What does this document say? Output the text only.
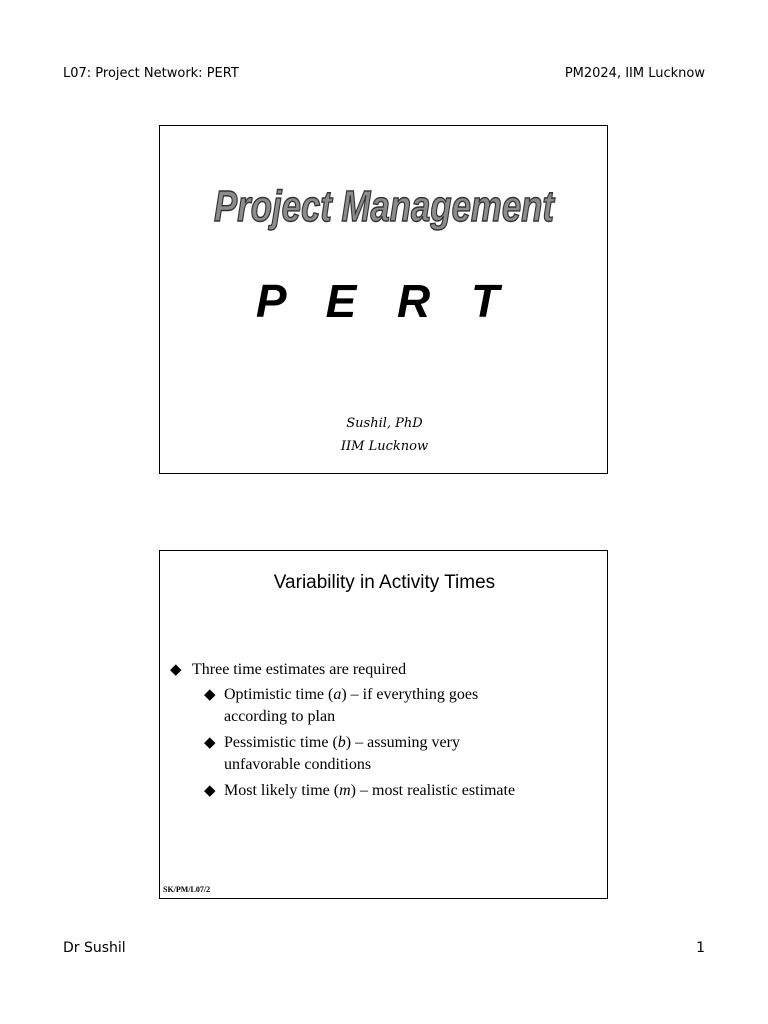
L07: Project Network: PERT	PM2024, IIM Lucknow
Project Management
P E R T
Sushil, PhD
IIM Lucknow
Variability in Activity Times
◆ Three time estimates are required
◆ Optimistic time (a) – if everything goes
according to plan
◆ Pessimistic time (b) – assuming very
unfavorable conditions
◆ Most likely time (m) – most realistic estimate
SK/PM/L07/2
Dr Sushil	1
